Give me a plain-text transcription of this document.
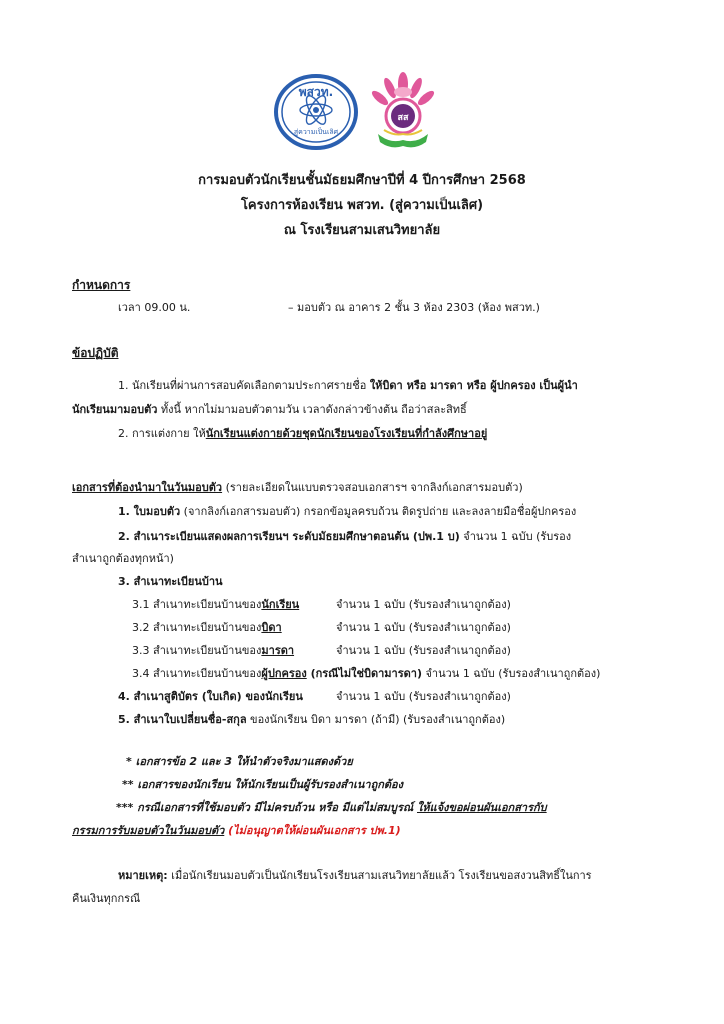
พสวท.
สู่ความเป็นเลิศ
สส
การมอบตัวนักเรียนชั้นมัธยมศึกษาปีที่ 4 ปีการศึกษา 2568
โครงการห้องเรียน พสวท. (สู่ความเป็นเลิศ)
ณ โรงเรียนสามเสนวิทยาลัย
กำหนดการ
เวลา 09.00 น.	– มอบตัว ณ อาคาร 2 ชั้น 3 ห้อง 2303 (ห้อง พสวท.)
ข้อปฏิบัติ
1. นักเรียนที่ผ่านการสอบคัดเลือกตามประกาศรายชื่อ ให้บิดา หรือ มารดา หรือ ผู้ปกครอง เป็นผู้นำ
นักเรียนมามอบตัว ทั้งนี้ หากไม่มามอบตัวตามวัน เวลาดังกล่าวข้างต้น ถือว่าสละสิทธิ์
2. การแต่งกาย ให้นักเรียนแต่งกายด้วยชุดนักเรียนของโรงเรียนที่กำลังศึกษาอยู่
เอกสารที่ต้องนำมาในวันมอบตัว (รายละเอียดในแบบตรวจสอบเอกสารฯ จากลิงก์เอกสารมอบตัว)
1. ใบมอบตัว (จากลิงก์เอกสารมอบตัว) กรอกข้อมูลครบถ้วน ติดรูปถ่าย และลงลายมือชื่อผู้ปกครอง
2. สำเนาระเบียนแสดงผลการเรียนฯ ระดับมัธยมศึกษาตอนต้น (ปพ.1 บ) จำนวน 1 ฉบับ (รับรอง
สำเนาถูกต้องทุกหน้า)
3. สำเนาทะเบียนบ้าน
3.1 สำเนาทะเบียนบ้านของนักเรียน	จำนวน 1 ฉบับ (รับรองสำเนาถูกต้อง)
3.2 สำเนาทะเบียนบ้านของบิดา	จำนวน 1 ฉบับ (รับรองสำเนาถูกต้อง)
3.3 สำเนาทะเบียนบ้านของมารดา	จำนวน 1 ฉบับ (รับรองสำเนาถูกต้อง)
3.4 สำเนาทะเบียนบ้านของผู้ปกครอง (กรณีไม่ใช่บิดามารดา) จำนวน 1 ฉบับ (รับรองสำเนาถูกต้อง)
4. สำเนาสูติบัตร (ใบเกิด) ของนักเรียน	จำนวน 1 ฉบับ (รับรองสำเนาถูกต้อง)
5. สำเนาใบเปลี่ยนชื่อ-สกุล ของนักเรียน บิดา มารดา (ถ้ามี) (รับรองสำเนาถูกต้อง)
* เอกสารข้อ 2 และ 3 ให้นำตัวจริงมาแสดงด้วย
** เอกสารของนักเรียน ให้นักเรียนเป็นผู้รับรองสำเนาถูกต้อง
*** กรณีเอกสารที่ใช้มอบตัว มีไม่ครบถ้วน หรือ มีแต่ไม่สมบูรณ์ ให้แจ้งขอผ่อนผันเอกสารกับ
กรรมการรับมอบตัวในวันมอบตัว (ไม่อนุญาตให้ผ่อนผันเอกสาร ปพ.1)
หมายเหตุ: เมื่อนักเรียนมอบตัวเป็นนักเรียนโรงเรียนสามเสนวิทยาลัยแล้ว โรงเรียนขอสงวนสิทธิ์ในการ
คืนเงินทุกกรณี
